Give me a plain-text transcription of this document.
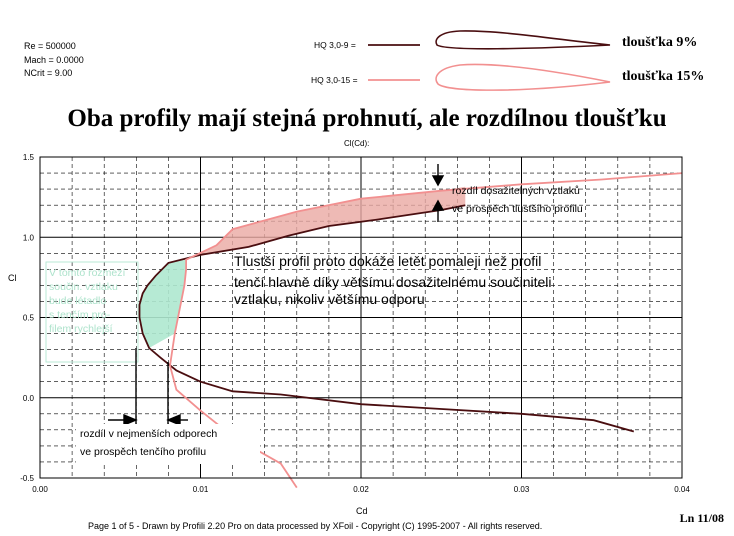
Re = 500000
Mach = 0.0000
NCrit = 9.00
HQ 3,0-9 =
HQ 3,0-15 =
tloušťka 9%
tloušťka 15%
Oba profily mají stejná prohnutí, ale rozdílnou tloušťku
0.00	0.01	0.02	0.03	0.04
-0.5
0.0
0.5
1.0
1.5
Cl(Cd):
Cl
Cd
V tomto rozmezí
součin. vztlaku
bude létadlo
s tenčím pro-
filem rychlejší
rozdíl dosažitelných vztlaků
ve prospěch tlustšího profilu
Tlustší profil proto dokáže letět pomaleji než profil
tenčí hlavně díky většímu dosažitelnému součiniteli
vztlaku, nikoliv většímu odporu
rozdíl v nejmenších odporech
ve prospěch tenčího profilu
Page 1 of 5 - Drawn by Profili 2.20 Pro on data processed by XFoil - Copyright (C) 1995-2007 - All rights reserved.
Ln 11/08
